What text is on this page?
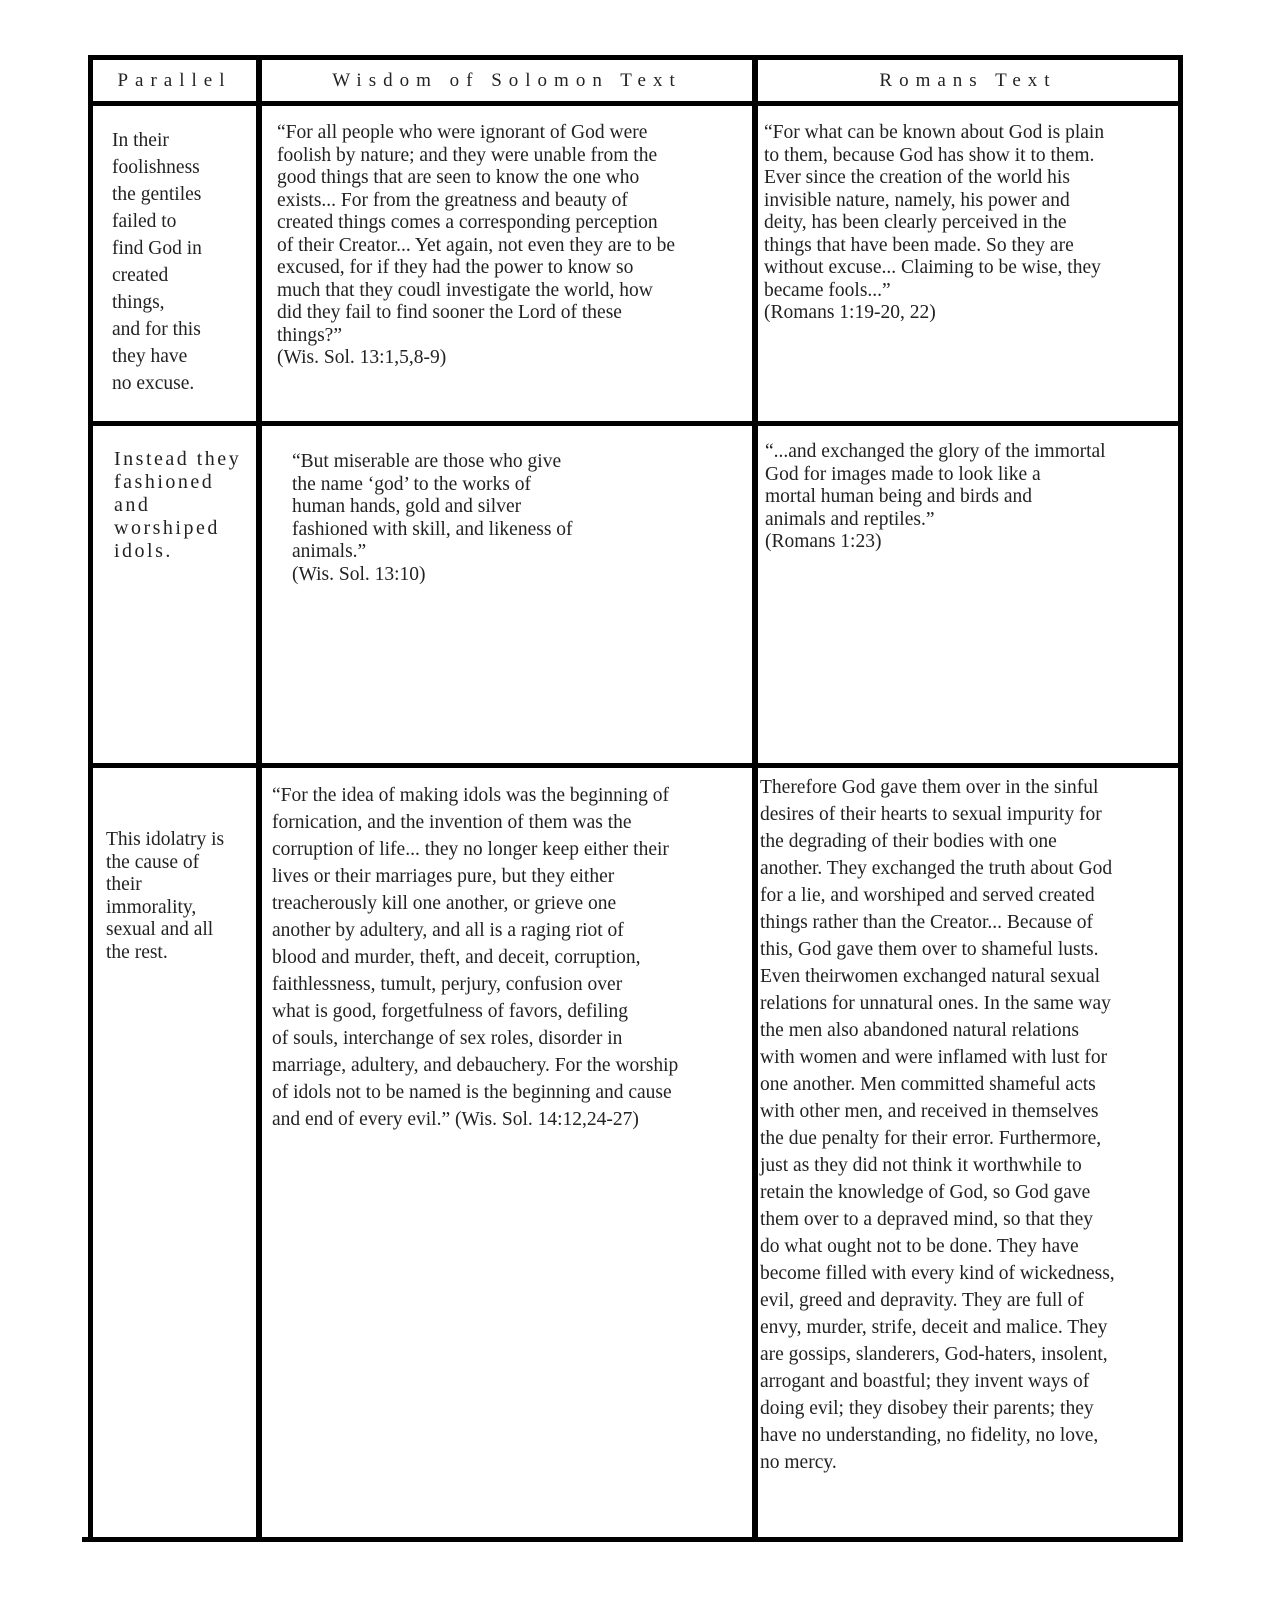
Parallel	Wisdom of Solomon Text	Romans Text
In their
foolishness
the gentiles
failed to
find God in
created
things,
and for this
they have
no excuse.
“For all people who were ignorant of God were
foolish by nature; and they were unable from the
good things that are seen to know the one who
exists... For from the greatness and beauty of
created things comes a corresponding perception
of their Creator... Yet again, not even they are to be
excused, for if they had the power to know so
much that they coudl investigate the world, how
did they fail to find sooner the Lord of these
things?”
(Wis. Sol. 13:1,5,8-9)
“For what can be known about God is plain
to them, because God has show it to them.
Ever since the creation of the world his
invisible nature, namely, his power and
deity, has been clearly perceived in the
things that have been made. So they are
without excuse... Claiming to be wise, they
became fools...”
(Romans 1:19-20, 22)
Instead they
fashioned
and
worshiped
idols.
“But miserable are those who give
the name ‘god’ to the works of
human hands, gold and silver
fashioned with skill, and likeness of
animals.”
(Wis. Sol. 13:10)
“...and exchanged the glory of the immortal
God for images made to look like a
mortal human being and birds and
animals and reptiles.”
(Romans 1:23)
This idolatry is
the cause of
their
immorality,
sexual and all
the rest.
“For the idea of making idols was the beginning of
fornication, and the invention of them was the
corruption of life... they no longer keep either their
lives or their marriages pure, but they either
treacherously kill one another, or grieve one
another by adultery, and all is a raging riot of
blood and murder, theft, and deceit, corruption,
faithlessness, tumult, perjury, confusion over
what is good, forgetfulness of favors, defiling
of souls, interchange of sex roles, disorder in
marriage, adultery, and debauchery. For the worship
of idols not to be named is the beginning and cause
and end of every evil.” (Wis. Sol. 14:12,24-27)
Therefore God gave them over in the sinful
desires of their hearts to sexual impurity for
the degrading of their bodies with one
another. They exchanged the truth about God
for a lie, and worshiped and served created
things rather than the Creator... Because of
this, God gave them over to shameful lusts.
Even theirwomen exchanged natural sexual
relations for unnatural ones. In the same way
the men also abandoned natural relations
with women and were inflamed with lust for
one another. Men committed shameful acts
with other men, and received in themselves
the due penalty for their error. Furthermore,
just as they did not think it worthwhile to
retain the knowledge of God, so God gave
them over to a depraved mind, so that they
do what ought not to be done. They have
become filled with every kind of wickedness,
evil, greed and depravity. They are full of
envy, murder, strife, deceit and malice. They
are gossips, slanderers, God-haters, insolent,
arrogant and boastful; they invent ways of
doing evil; they disobey their parents; they
have no understanding, no fidelity, no love,
no mercy.
